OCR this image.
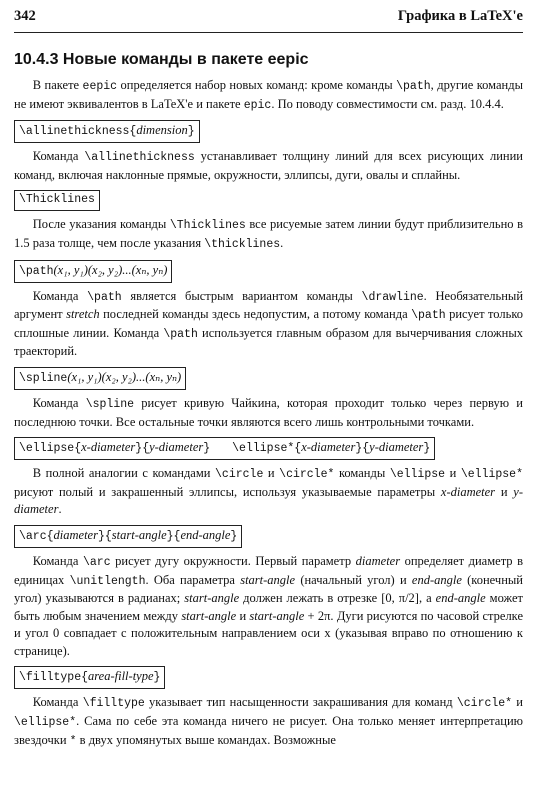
342	Графика в LaTeX'е
10.4.3 Новые команды в пакете eepic

В пакете eepic определяется набор новых команд: кроме команды \path, другие команды не имеют эквивалентов в LaTeX'е и пакете epic. По поводу совместимости см. разд. 10.4.4.

\allinethickness{dimension}

Команда \allinethickness устанавливает толщину линий для всех рисующих линии команд, включая наклонные прямые, окружности, эллипсы, дуги, овалы и сплайны.

\Thicklines

После указания команды \Thicklines все рисуемые затем линии будут приблизительно в 1.5 раза толще, чем после указания \thicklines.

\path(x₁, y₁)(x₂, y₂)...(xₙ, yₙ)

Команда \path является быстрым вариантом команды \drawline. Необязательный аргумент stretch последней команды здесь недопустим, а потому команда \path рисует только сплошные линии. Команда \path используется главным образом для вычерчивания сложных траекторий.

\spline(x₁, y₁)(x₂, y₂)...(xₙ, yₙ)

Команда \spline рисует кривую Чайкина, которая проходит только через первую и последнюю точки. Все остальные точки являются всего лишь контрольными точками.

\ellipse{x-diameter}{y-diameter} \ellipse*{x-diameter}{y-diameter}

В полной аналогии с командами \circle и \circle* команды \ellipse и \ellipse* рисуют полый и закрашенный эллипсы, используя указываемые параметры x-diameter и y-diameter.

\arc{diameter}{start-angle}{end-angle}

Команда \arc рисует дугу окружности. Первый параметр diameter определяет диаметр в единицах \unitlength. Оба параметра start-angle (начальный угол) и end-angle (конечный угол) указываются в радианах; start-angle должен лежать в отрезке [0, π/2], а end-angle может быть любым значением между start-angle и start-angle + 2π. Дуги рисуются по часовой стрелке и угол 0 совпадает с положительным направлением оси x (указывая вправо по отношению к странице).

\filltype{area-fill-type}

Команда \filltype указывает тип насыщенности закрашивания для команд \circle* и \ellipse*. Сама по себе эта команда ничего не рисует. Она только меняет интерпретацию звездочки * в двух упомянутых выше командах. Возможные
